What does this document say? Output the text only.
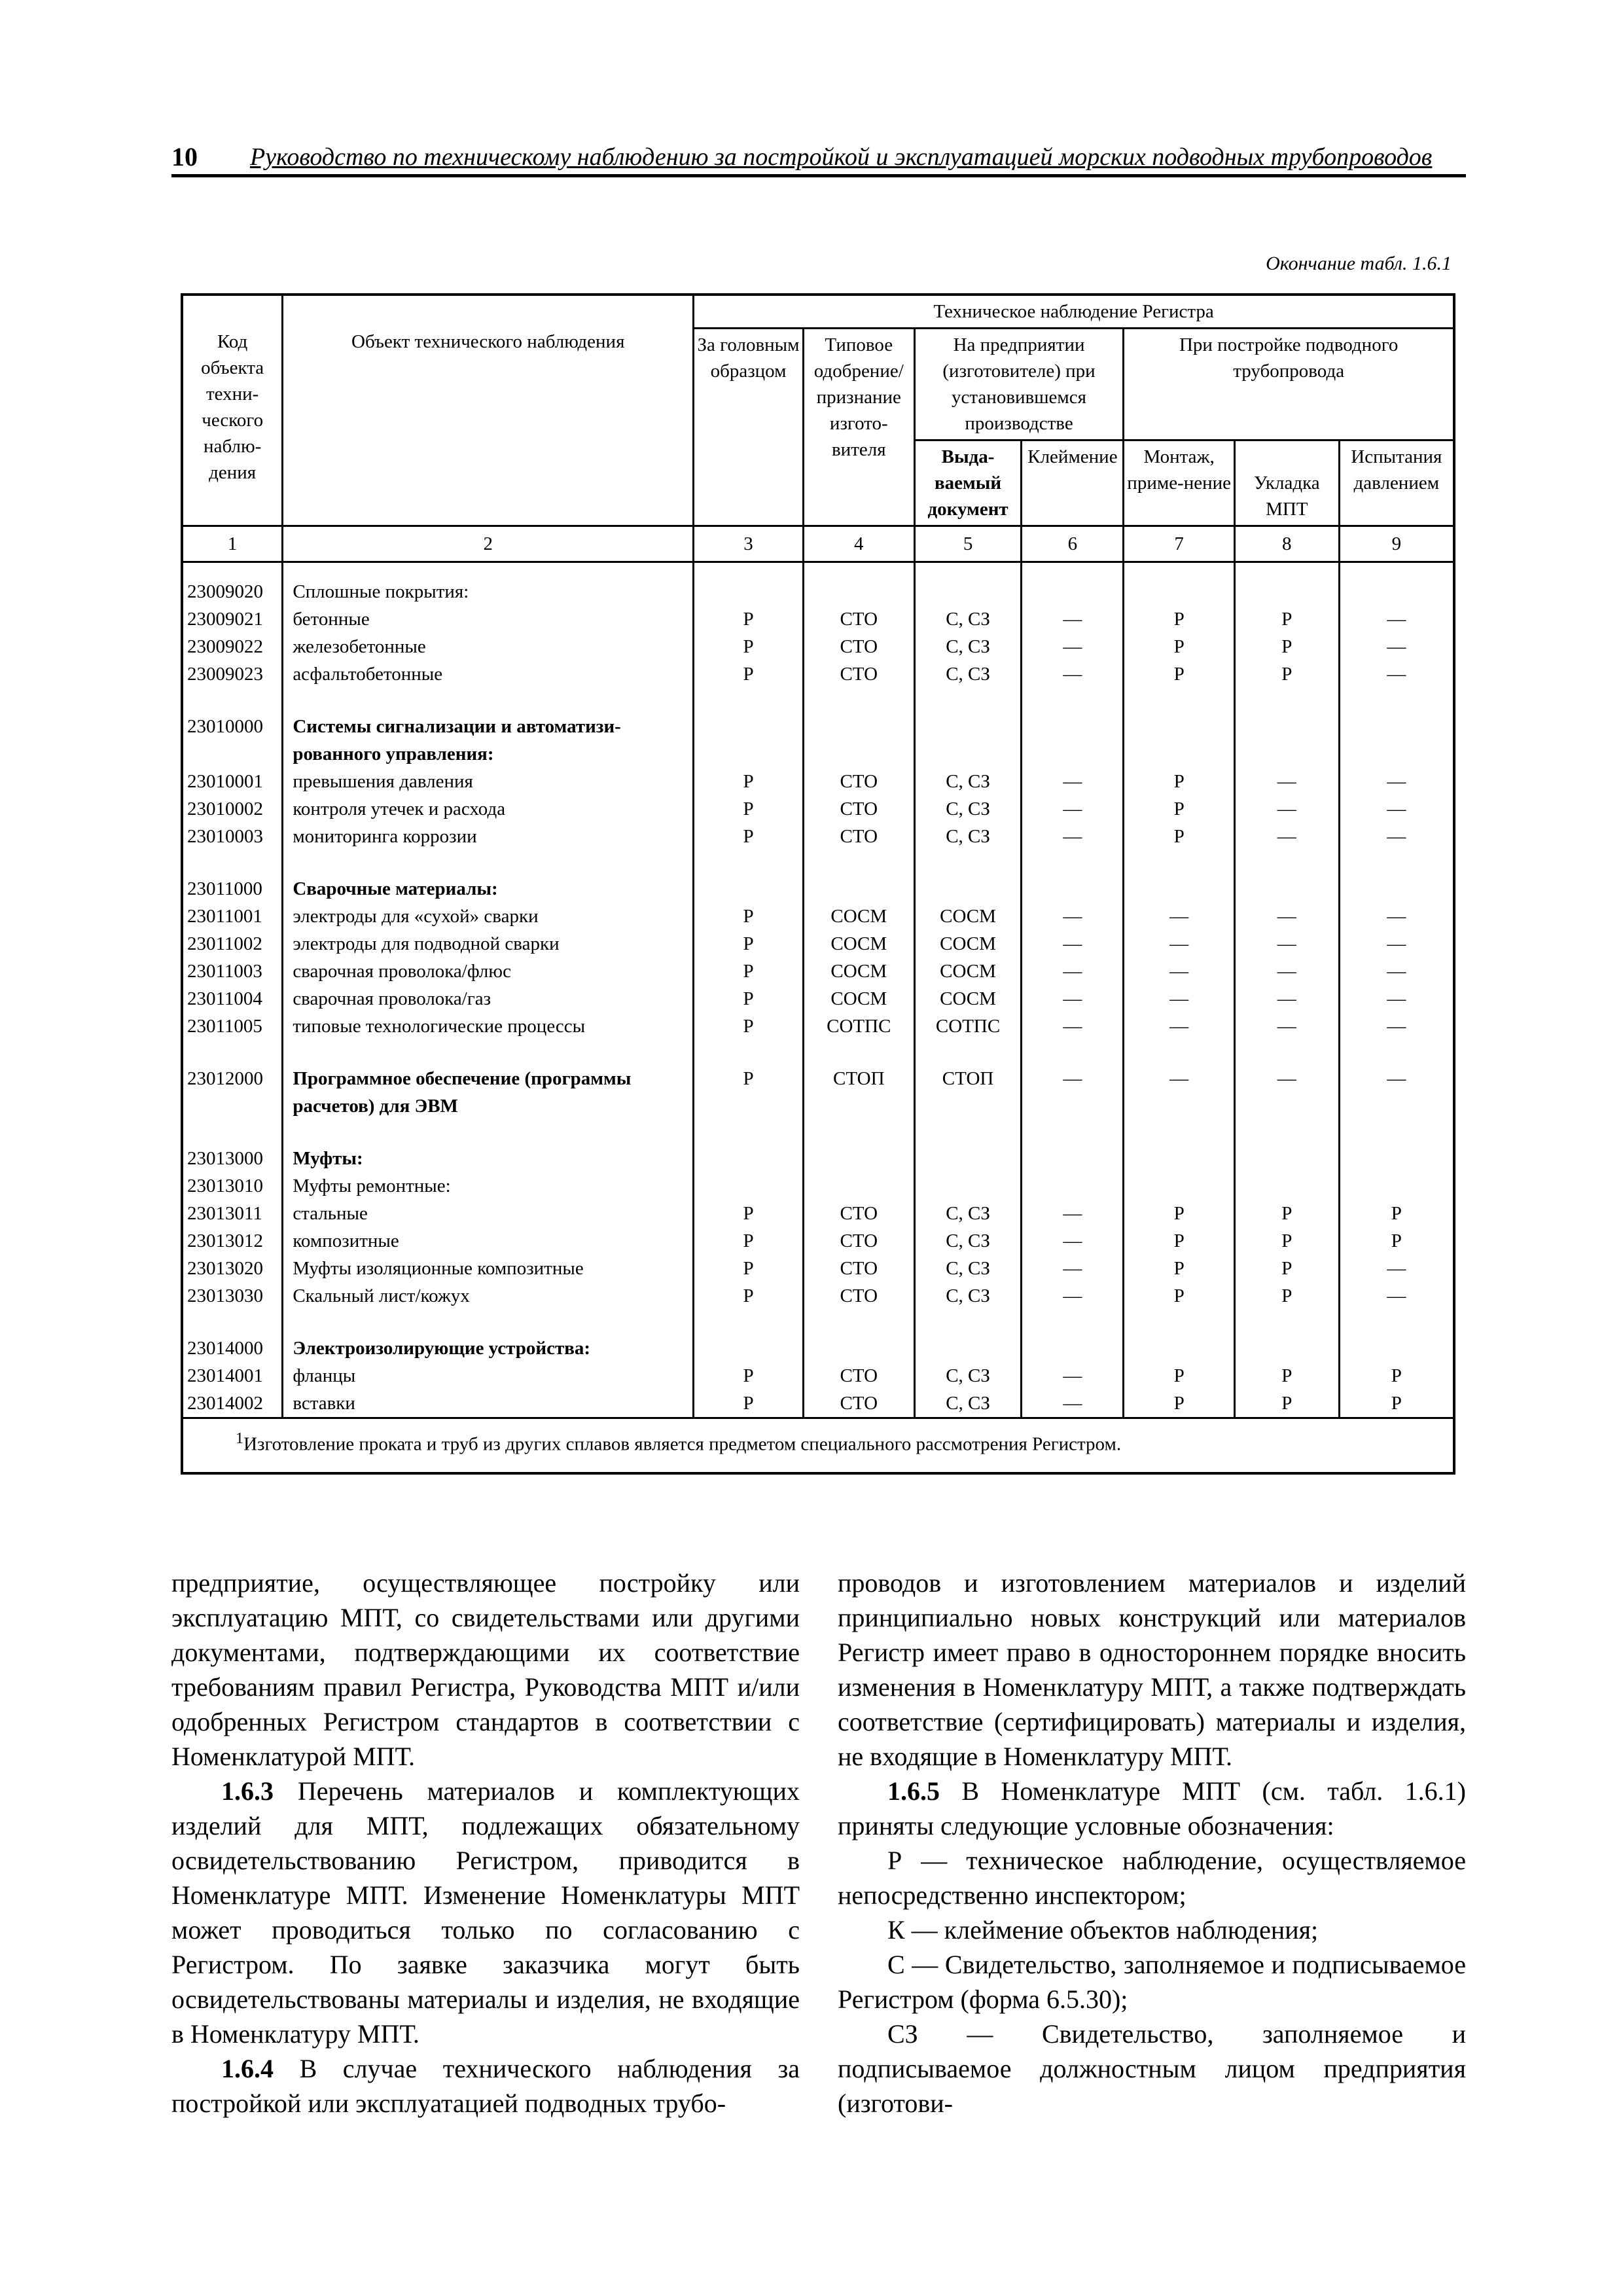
10 Руководство по техническому наблюдению за постройкой и эксплуатацией морских подводных трубопроводов
Окончание табл. 1.6.1
Код объекта техни-ческого наблю-дения	Объект технического наблюдения	Техническое наблюдение Регистра						
		За головным образцом	Типовое одобрение/ признание изгото-вителя	На предприятии (изготовителе) при установившемся производстве		При постройке подводного трубопровода		
				Выда-ваемый документ	Клеймение	Монтаж, приме-нение	Укладка МПТ	Испытания давлением
1	2	3	4	5	6	7	8	9
23009020	Сплошные покрытия:							
23009021	бетонные	Р	СТО	С, СЗ	—	Р	Р	—
23009022	железобетонные	Р	СТО	С, СЗ	—	Р	Р	—
23009023	асфальтобетонные	Р	СТО	С, СЗ	—	Р	Р	—

23010000	Системы сигнализации и автоматизи-							
	рованного управления:							
23010001	превышения давления	Р	СТО	С, СЗ	—	Р	—	—
23010002	контроля утечек и расхода	Р	СТО	С, СЗ	—	Р	—	—
23010003	мониторинга коррозии	Р	СТО	С, СЗ	—	Р	—	—

23011000	Сварочные материалы:							
23011001	электроды для «сухой» сварки	Р	СОСМ	СОСМ	—	—	—	—
23011002	электроды для подводной сварки	Р	СОСМ	СОСМ	—	—	—	—
23011003	сварочная проволока/флюс	Р	СОСМ	СОСМ	—	—	—	—
23011004	сварочная проволока/газ	Р	СОСМ	СОСМ	—	—	—	—
23011005	типовые технологические процессы	Р	СОТПС	СОТПС	—	—	—	—

23012000	Программное обеспечение (программы	Р	СТОП	СТОП	—	—	—	—
	расчетов) для ЭВМ							

23013000	Муфты:							
23013010	Муфты ремонтные:							
23013011	стальные	Р	СТО	С, СЗ	—	Р	Р	Р
23013012	композитные	Р	СТО	С, СЗ	—	Р	Р	Р
23013020	Муфты изоляционные композитные	Р	СТО	С, СЗ	—	Р	Р	—
23013030	Скальный лист/кожух	Р	СТО	С, СЗ	—	Р	Р	—

23014000	Электроизолирующие устройства:							
23014001	фланцы	Р	СТО	С, СЗ	—	Р	Р	Р
23014002	вставки	Р	СТО	С, СЗ	—	Р	Р	Р
$^1$Изготовление проката и труб из других сплавов является предметом специального рассмотрения Регистром.								

предприятие, осуществляющее постройку или эксплуатацию МПТ, со свидетельствами или другими документами, подтверждающими их соответствие требованиям правил Регистра, Руководства МПТ и/или одобренных Регистром стандартов в соответствии с Номенклатурой МПТ.

1.6.3 Перечень материалов и комплектующих изделий для МПТ, подлежащих обязательному освидетельствованию Регистром, приводится в Номенклатуре МПТ. Изменение Номенклатуры МПТ может проводиться только по согласованию с Регистром. По заявке заказчика могут быть освидетельствованы материалы и изделия, не входящие в Номенклатуру МПТ.

1.6.4 В случае технического наблюдения за постройкой или эксплуатацией подводных трубо-

проводов и изготовлением материалов и изделий принципиально новых конструкций или материалов Регистр имеет право в одностороннем порядке вносить изменения в Номенклатуру МПТ, а также подтверждать соответствие (сертифицировать) материалы и изделия, не входящие в Номенклатуру МПТ.

1.6.5 В Номенклатуре МПТ (см. табл. 1.6.1) приняты следующие условные обозначения:

Р — техническое наблюдение, осуществляемое непосредственно инспектором;

К — клеймение объектов наблюдения;

С — Свидетельство, заполняемое и подписываемое Регистром (форма 6.5.30);

СЗ — Свидетельство, заполняемое и подписываемое должностным лицом предприятия (изготови-
